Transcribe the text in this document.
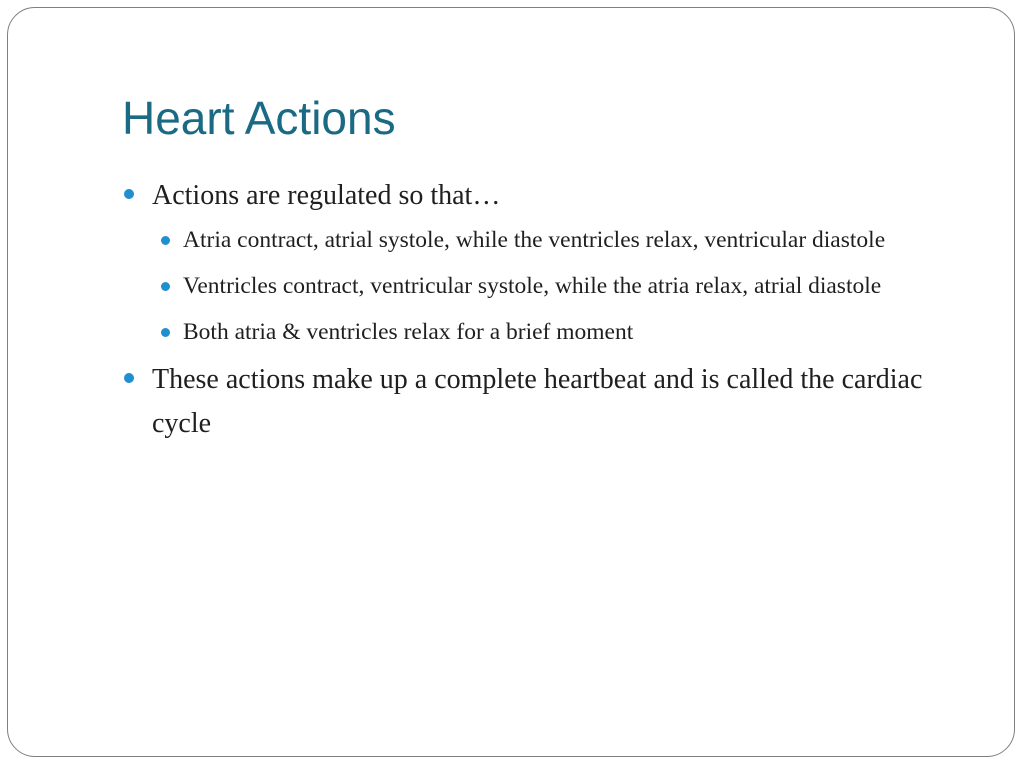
Heart Actions
Actions are regulated so that…
Atria contract, atrial systole, while the ventricles relax, ventricular diastole
Ventricles contract, ventricular systole, while the atria relax, atrial diastole
Both atria & ventricles relax for a brief moment
These actions make up a complete heartbeat and is called the cardiac cycle
